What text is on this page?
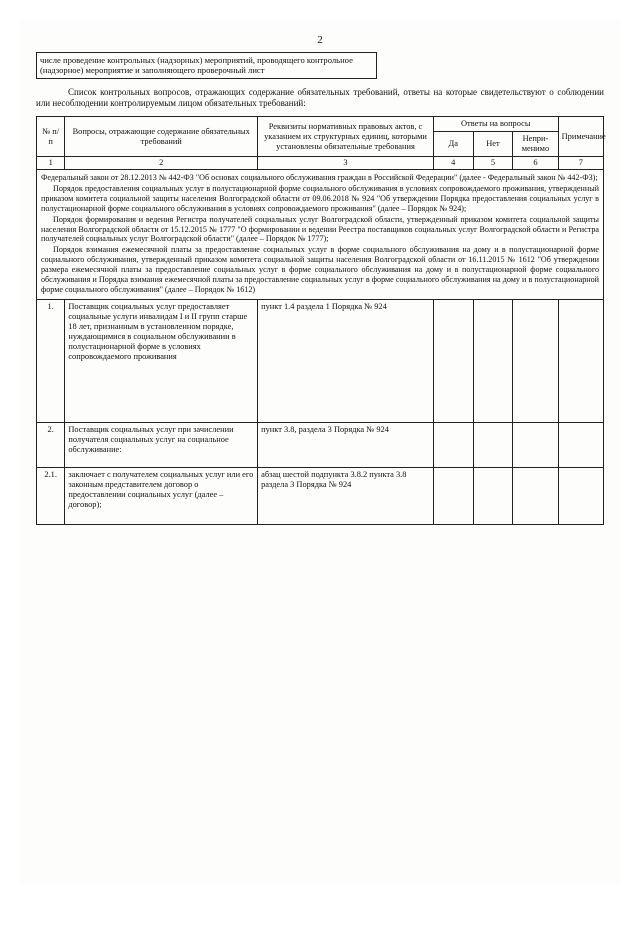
2
числе проведение контрольных (надзорных) мероприятий, проводящего контрольное (надзорное) мероприятие и заполняющего проверочный лист

Список контрольных вопросов, отражающих содержание обязательных требований, ответы на которые свидетельствуют о соблюдении или несоблюдении контролируемым лицом обязательных требований:

№ п/п	Вопросы, отражающие содержание обязательных требований	Реквизиты нормативных правовых актов, с указанием их структурных единиц, которыми установлены обязательные требования	Ответы на вопросы			Примечание
			Да	Нет	Непри-менимо	
1	2	3	4	5	6	7

Федеральный закон от 28.12.2013 № 442-ФЗ "Об основах социального обслуживания граждан в Российской Федерации" (далее - Федеральный закон № 442-ФЗ);

Порядок предоставления социальных услуг в полустационарной форме социального обслуживания в условиях сопровождаемого проживания, утвержденный приказом комитета социальной защиты населения Волгоградской области от 09.06.2018 № 924 "Об утверждении Порядка предоставления социальных услуг в полустационарной форме социального обслуживания в условиях сопровождаемого проживания" (далее – Порядок № 924);

Порядок формирования и ведения Регистра получателей социальных услуг Волгоградской области, утвержденный приказом комитета социальной защиты населения Волгоградской области от 15.12.2015 № 1777 "О формировании и ведении Реестра поставщиков социальных услуг Волгоградской области и Регистра получателей социальных услуг Волгоградской области" (далее – Порядок № 1777);

Порядок взимания ежемесячной платы за предоставление социальных услуг в форме социального обслуживания на дому и в полустационарной форме социального обслуживания, утвержденный приказом комитета социальной защиты населения Волгоградской области от 16.11.2015 № 1612 "Об утверждении размера ежемесячной платы за предоставление социальных услуг в форме социального обслуживания на дому и в полустационарной форме социального обслуживания и Порядка взимания ежемесячной платы за предоставление социальных услуг в форме социального обслуживания на дому и в полустационарной форме социального обслуживания" (далее – Порядок № 1612)						

1.	Поставщик социальных услуг предоставляет социальные услуги инвалидам I и II групп старше 18 лет, признанным в установленном порядке, нуждающимися в социальном обслуживании в полустационарной форме в условиях сопровождаемого проживания	пункт 1.4 раздела 1 Порядка № 924				
2.	Поставщик социальных услуг при зачислении получателя социальных услуг на социальное обслуживание:	пункт 3.8, раздела 3 Порядка № 924				
2.1.	заключает с получателем социальных услуг или его законным представителем договор о предоставлении социальных услуг (далее – договор);	абзац шестой подпункта 3.8.2 пункта 3.8 раздела 3 Порядка № 924				
